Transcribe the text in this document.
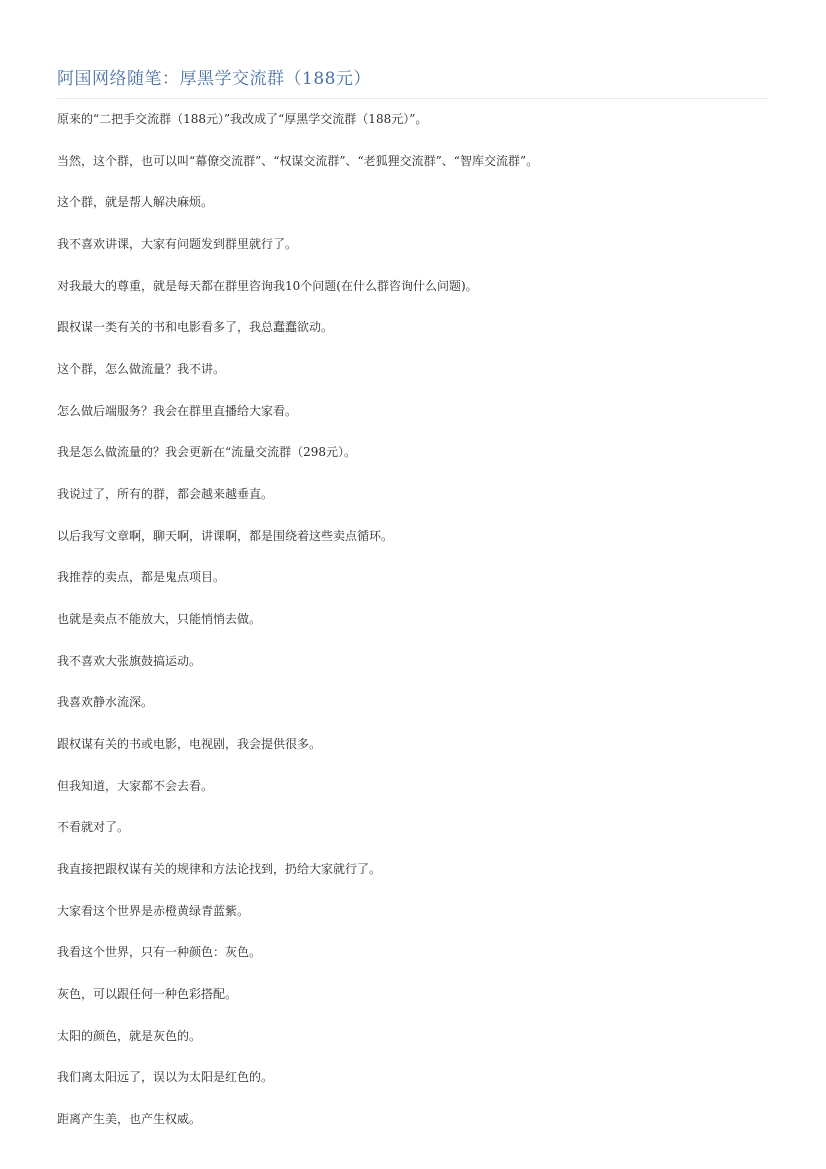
阿国网络随笔：厚黑学交流群（188元）
原来的“二把手交流群（188元）”我改成了“厚黑学交流群（188元）”。
当然，这个群，也可以叫“幕僚交流群”、“权谋交流群”、“老狐狸交流群”、“智库交流群”。
这个群，就是帮人解决麻烦。
我不喜欢讲课，大家有问题发到群里就行了。
对我最大的尊重，就是每天都在群里咨询我10个问题(在什么群咨询什么问题)。
跟权谋一类有关的书和电影看多了，我总蠢蠢欲动。
这个群，怎么做流量？我不讲。
怎么做后端服务？我会在群里直播给大家看。
我是怎么做流量的？我会更新在“流量交流群（298元）。
我说过了，所有的群，都会越来越垂直。
以后我写文章啊，聊天啊，讲课啊，都是围绕着这些卖点循环。
我推荐的卖点，都是鬼点项目。
也就是卖点不能放大，只能悄悄去做。
我不喜欢大张旗鼓搞运动。
我喜欢静水流深。
跟权谋有关的书或电影，电视剧，我会提供很多。
但我知道，大家都不会去看。
不看就对了。
我直接把跟权谋有关的规律和方法论找到，扔给大家就行了。
大家看这个世界是赤橙黄绿青蓝紫。
我看这个世界，只有一种颜色：灰色。
灰色，可以跟任何一种色彩搭配。
太阳的颜色，就是灰色的。
我们离太阳远了，误以为太阳是红色的。
距离产生美，也产生权威。
